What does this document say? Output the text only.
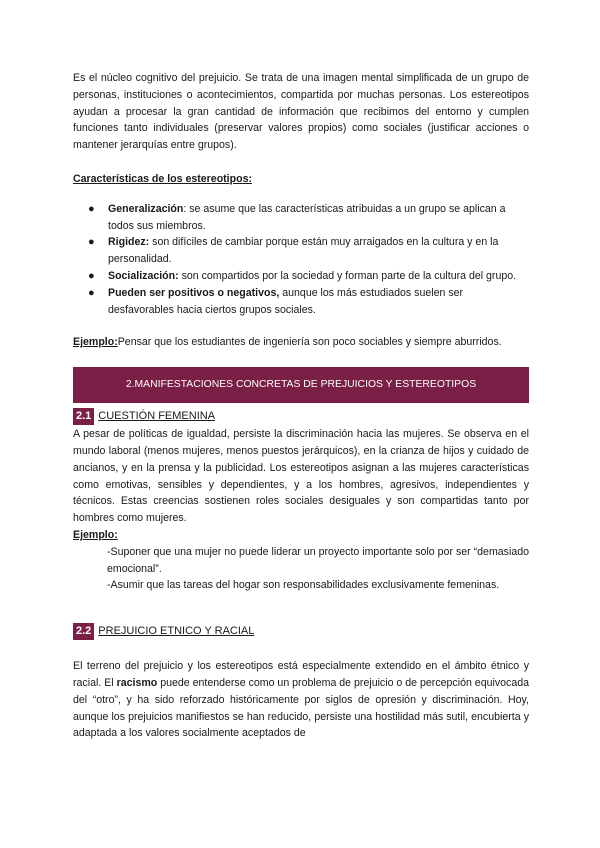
Es el núcleo cognitivo del prejuicio. Se trata de una imagen mental simplificada de un grupo de personas, instituciones o acontecimientos, compartida por muchas personas. Los estereotipos ayudan a procesar la gran cantidad de información que recibimos del entorno y cumplen funciones tanto individuales (preservar valores propios) como sociales (justificar acciones o mantener jerarquías entre grupos).

Características de los estereotipos:

● Generalización: se asume que las características atribuidas a un grupo se aplican a todos sus miembros.
● Rigidez: son difíciles de cambiar porque están muy arraigados en la cultura y en la personalidad.
● Socialización: son compartidos por la sociedad y forman parte de la cultura del grupo.
● Pueden ser positivos o negativos, aunque los más estudiados suelen ser desfavorables hacia ciertos grupos sociales.

Ejemplo:Pensar que los estudiantes de ingeniería son poco sociables y siempre aburridos.

2.MANIFESTACIONES CONCRETAS DE PREJUICIOS Y ESTEREOTIPOS
2.1 CUESTIÓN FEMENINA

A pesar de políticas de igualdad, persiste la discriminación hacia las mujeres. Se observa en el mundo laboral (menos mujeres, menos puestos jerárquicos), en la crianza de hijos y cuidado de ancianos, y en la prensa y la publicidad. Los estereotipos asignan a las mujeres características como emotivas, sensibles y dependientes, y a los hombres, agresivos, independientes y técnicos. Estas creencias sostienen roles sociales desiguales y son compartidas tanto por hombres como mujeres.

Ejemplo:

-Suponer que una mujer no puede liderar un proyecto importante solo por ser “demasiado emocional”.

-Asumir que las tareas del hogar son responsabilidades exclusivamente femeninas.

2.2 PREJUICIO ETNICO Y RACIAL

El terreno del prejuicio y los estereotipos está especialmente extendido en el ámbito étnico y racial. El racismo puede entenderse como un problema de prejuicio o de percepción equivocada del “otro”, y ha sido reforzado históricamente por siglos de opresión y discriminación. Hoy, aunque los prejuicios manifiestos se han reducido, persiste una hostilidad más sutil, encubierta y adaptada a los valores socialmente aceptados de
